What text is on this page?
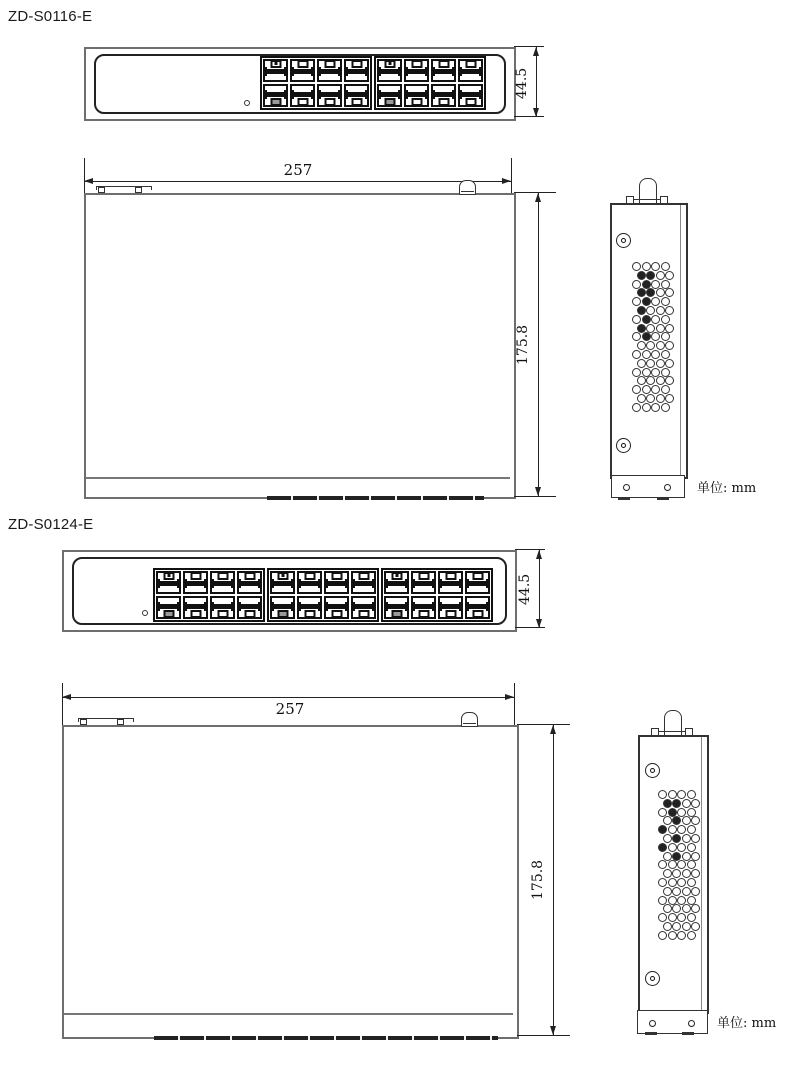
ZD-S0116-E
44.5
257
175.8
单位: mm
ZD-S0124-E
44.5
257
175.8
单位: mm
